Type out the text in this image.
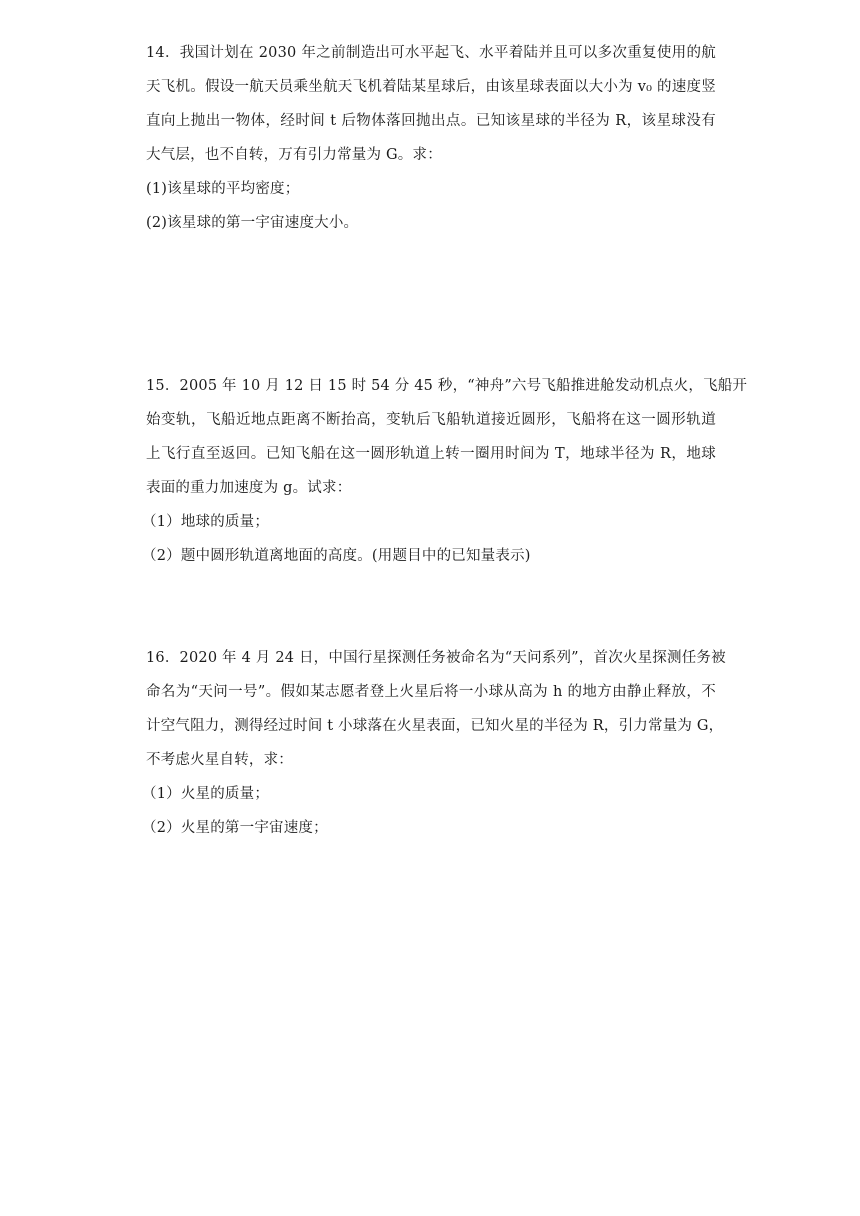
14．我国计划在 2030 年之前制造出可水平起飞、水平着陆并且可以多次重复使用的航
天飞机。假设一航天员乘坐航天飞机着陆某星球后，由该星球表面以大小为 v₀ 的速度竖
直向上抛出一物体，经时间 t 后物体落回抛出点。已知该星球的半径为 R，该星球没有
大气层，也不自转，万有引力常量为 G。求：
(1)该星球的平均密度；
(2)该星球的第一宇宙速度大小。
15．2005 年 10 月 12 日 15 时 54 分 45 秒，“神舟”六号飞船推进舱发动机点火，飞船开
始变轨，飞船近地点距离不断抬高，变轨后飞船轨道接近圆形，飞船将在这一圆形轨道
上飞行直至返回。已知飞船在这一圆形轨道上转一圈用时间为 T，地球半径为 R，地球
表面的重力加速度为 g。试求：
（1）地球的质量；
（2）题中圆形轨道离地面的高度。(用题目中的已知量表示)
16．2020 年 4 月 24 日，中国行星探测任务被命名为“天问系列”，首次火星探测任务被
命名为“天问一号”。假如某志愿者登上火星后将一小球从高为 h 的地方由静止释放，不
计空气阻力，测得经过时间 t 小球落在火星表面，已知火星的半径为 R，引力常量为 G，
不考虑火星自转，求：
（1）火星的质量；
（2）火星的第一宇宙速度；
